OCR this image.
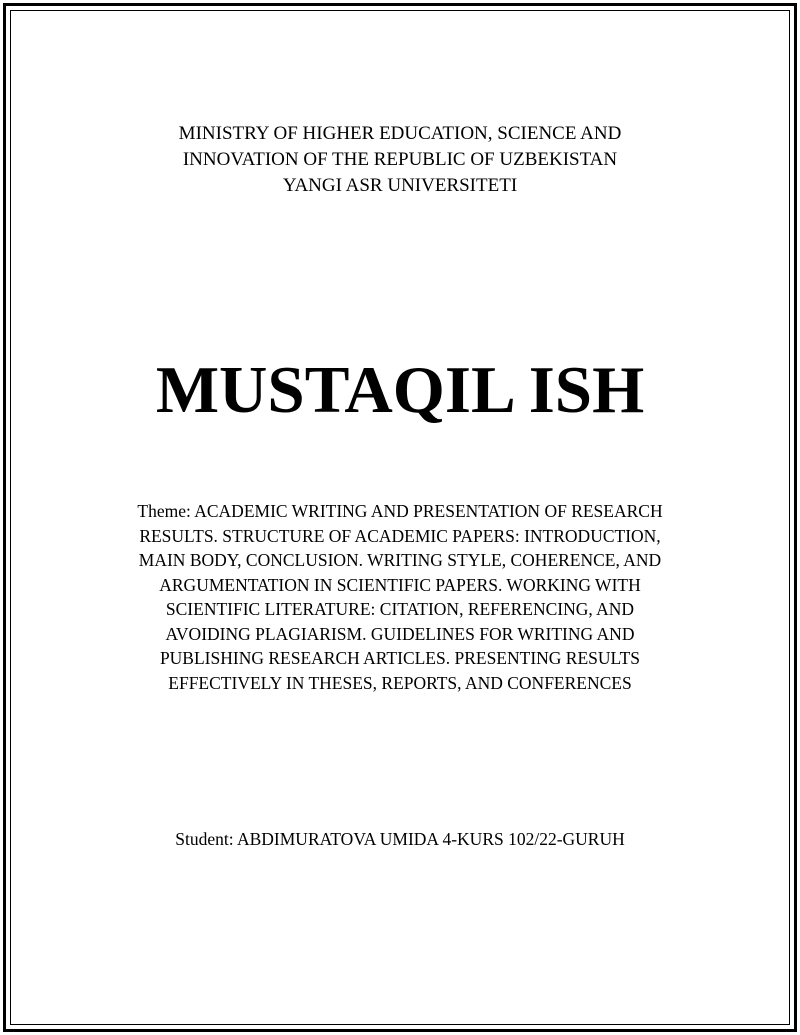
MINISTRY OF HIGHER EDUCATION, SCIENCE AND
INNOVATION OF THE REPUBLIC OF UZBEKISTAN
YANGI ASR UNIVERSITETI
MUSTAQIL ISH
Theme: ACADEMIC WRITING AND PRESENTATION OF RESEARCH
RESULTS. STRUCTURE OF ACADEMIC PAPERS: INTRODUCTION,
MAIN BODY, CONCLUSION. WRITING STYLE, COHERENCE, AND
ARGUMENTATION IN SCIENTIFIC PAPERS. WORKING WITH
SCIENTIFIC LITERATURE: CITATION, REFERENCING, AND
AVOIDING PLAGIARISM. GUIDELINES FOR WRITING AND
PUBLISHING RESEARCH ARTICLES. PRESENTING RESULTS
EFFECTIVELY IN THESES, REPORTS, AND CONFERENCES
Student: ABDIMURATOVA UMIDA 4-KURS 102/22-GURUH
